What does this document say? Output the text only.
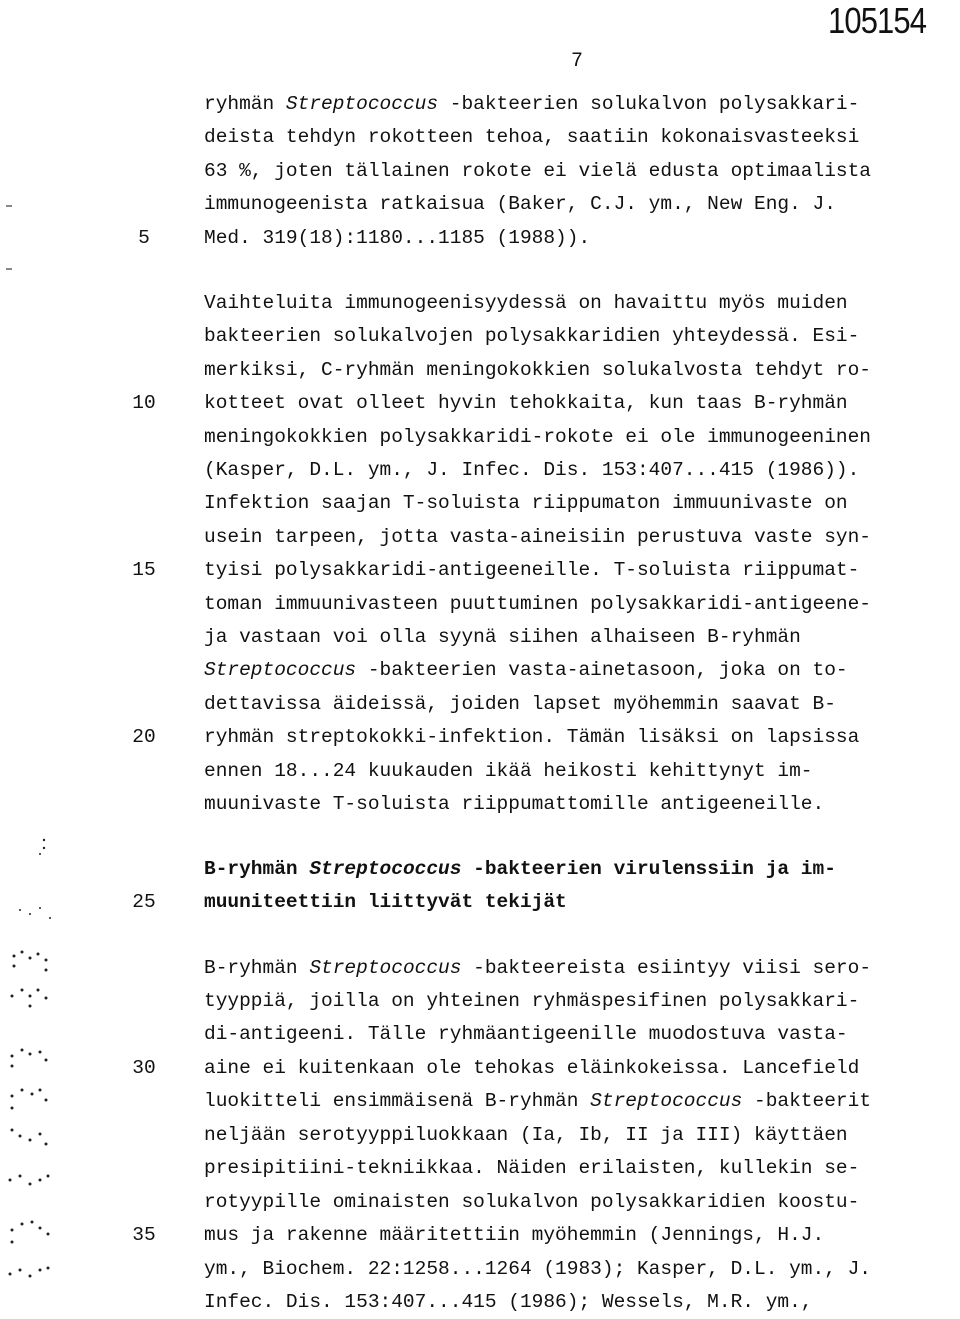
105154
7
ryhmän Streptococcus -bakteerien solukalvon polysakkari-
deista tehdyn rokotteen tehoa, saatiin kokonaisvasteeksi
63 %, joten tällainen rokote ei vielä edusta optimaalista
immunogeenista ratkaisua (Baker, C.J. ym., New Eng. J.
Med. 319(18):1180...1185 (1988)).
Vaihteluita immunogeenisyydessä on havaittu myös muiden
bakteerien solukalvojen polysakkaridien yhteydessä. Esi-
merkiksi, C-ryhmän meningokokkien solukalvosta tehdyt ro-
kotteet ovat olleet hyvin tehokkaita, kun taas B-ryhmän
meningokokkien polysakkaridi-rokote ei ole immunogeeninen
(Kasper, D.L. ym., J. Infec. Dis. 153:407...415 (1986)).
Infektion saajan T-soluista riippumaton immuunivaste on
usein tarpeen, jotta vasta-aineisiin perustuva vaste syn-
tyisi polysakkaridi-antigeeneille. T-soluista riippumat-
toman immuunivasteen puuttuminen polysakkaridi-antigeene-
ja vastaan voi olla syynä siihen alhaiseen B-ryhmän
Streptococcus -bakteerien vasta-ainetasoon, joka on to-
dettavissa äideissä, joiden lapset myöhemmin saavat B-
ryhmän streptokokki-infektion. Tämän lisäksi on lapsissa
ennen 18...24 kuukauden ikää heikosti kehittynyt im-
muunivaste T-soluista riippumattomille antigeeneille.
B-ryhmän Streptococcus -bakteerien virulenssiin ja im-
muuniteettiin liittyvät tekijät
B-ryhmän Streptococcus -bakteereista esiintyy viisi sero-
tyyppiä, joilla on yhteinen ryhmäspesifinen polysakkari-
di-antigeeni. Tälle ryhmäantigeenille muodostuva vasta-
aine ei kuitenkaan ole tehokas eläinkokeissa. Lancefield
luokitteli ensimmäisenä B-ryhmän Streptococcus -bakteerit
neljään serotyyppiluokkaan (Ia, Ib, II ja III) käyttäen
presipitiini-tekniikkaa. Näiden erilaisten, kullekin se-
rotyypille ominaisten solukalvon polysakkaridien koostu-
mus ja rakenne määritettiin myöhemmin (Jennings, H.J.
ym., Biochem. 22:1258...1264 (1983); Kasper, D.L. ym., J.
Infec. Dis. 153:407...415 (1986); Wessels, M.R. ym.,
5
10
15
20
25
30
35
